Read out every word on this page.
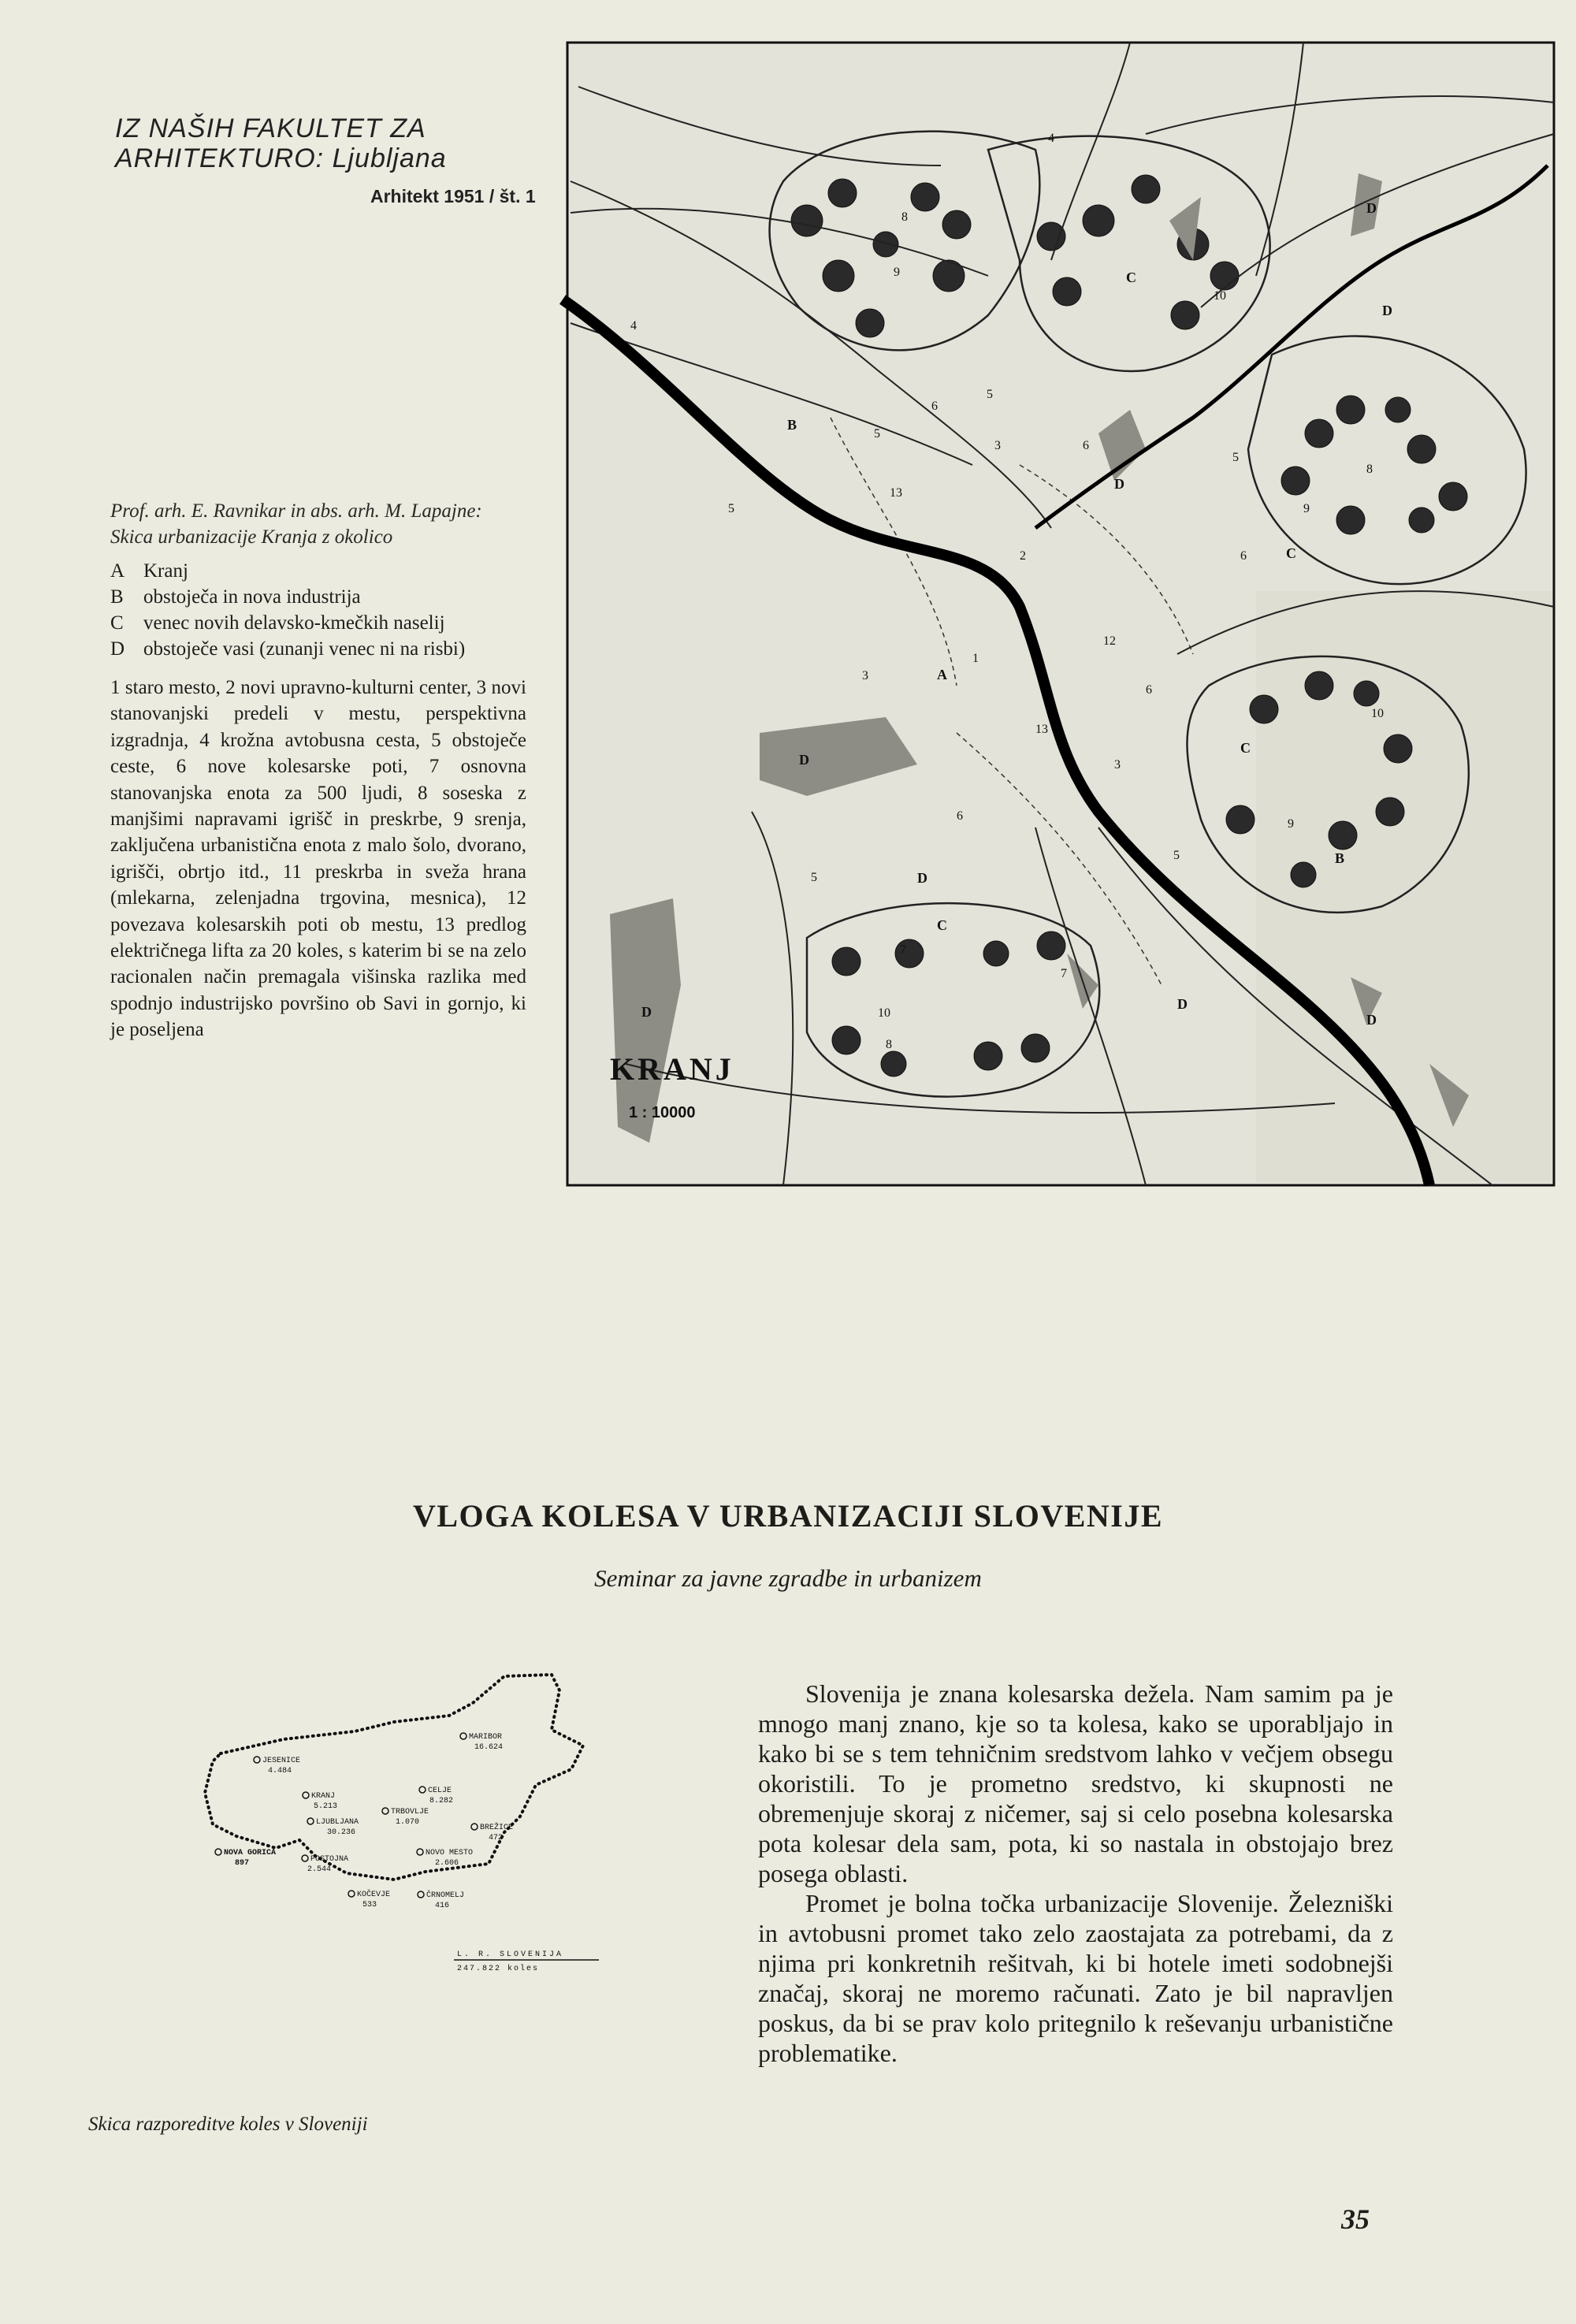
IZ NAŠIH FAKULTET ZA
ARHITEKTURO: Ljubljana
Arhitekt 1951 / št. 1
Prof. arh. E. Ravnikar in abs. arh. M. Lapajne: Skica urbanizacije Kranja z okolico
A Kranj
B	obstoječa in nova industrija
C	venec novih delavsko-kmečkih naselij
D obstoječe vasi (zunanji venec ni na risbi)
1 staro mesto, 2 novi upravno-kulturni center, 3 novi stanovanjski predeli v mestu, perspektivna izgradnja, 4 krožna avtobusna cesta, 5 obstoječe ceste, 6 nove kolesarske poti, 7 osnovna stanovanjska enota za 500 ljudi, 8 soseska z manjšimi napravami igrišč in preskrbe, 9 srenja, zaključena urbanistična enota z malo šolo, dvorano, igrišči, obrtjo itd., 11 preskrba in sveža hrana (mlekarna, zelenjadna trgovina, mesnica), 12 povezava kolesarskih poti ob mestu, 13 predlog električnega lifta za 20 koles, s katerim bi se na zelo racionalen način premagala višinska razlika med spodnjo industrijsko površino ob Savi in gornjo, ki je poseljena
A
B
B
C
C
C
C
D
D
D
D
D
D
D
D
1
2
3
3
3
4
4
5
5
5
5
5
5
6
6
6
6
6
7
7
8
8
8
9
9
9
10
10
10
12
13
13
KRANJ
1 : 10000
VLOGA KOLESA V URBANIZACIJI SLOVENIJE
Seminar za javne zgradbe in urbanizem

Slovenija je znana kolesarska dežela. Nam samim pa je mnogo manj znano, kje so ta kolesa, kako se uporabljajo in kako bi se s tem tehničnim sredstvom lahko v večjem obsegu okoristili. To je prometno sredstvo, ki skupnosti ne obremenjuje skoraj z ničemer, saj si celo posebna kolesarska pota kolesar dela sam, pota, ki so nastala in obstojajo brez posega oblasti.

Promet je bolna točka urbanizacije Slovenije. Železniški in avtobusni promet tako zelo zaostajata za potrebami, da z njima pri konkretnih rešitvah, ki bi hotele imeti sodobnejši značaj, skoraj ne moremo računati. Zato je bil napravljen poskus, da bi se prav kolo pritegnilo k reševanju urbanistične problematike.

MARIBOR
16.624
JESENICE
4.484
CELJE
8.282
KRANJ
5.213
TRBOVLJE
1.070
LJUBLJANA
30.236
BREŽICE
472
NOVA GORICA
897
NOVO MESTO
2.606
POSTOJNA
2.544
KOČEVJE
533
ČRNOMELJ
416
L. R. SLOVENIJA
247.822 koles
Skica razporeditve koles v Sloveniji
35
